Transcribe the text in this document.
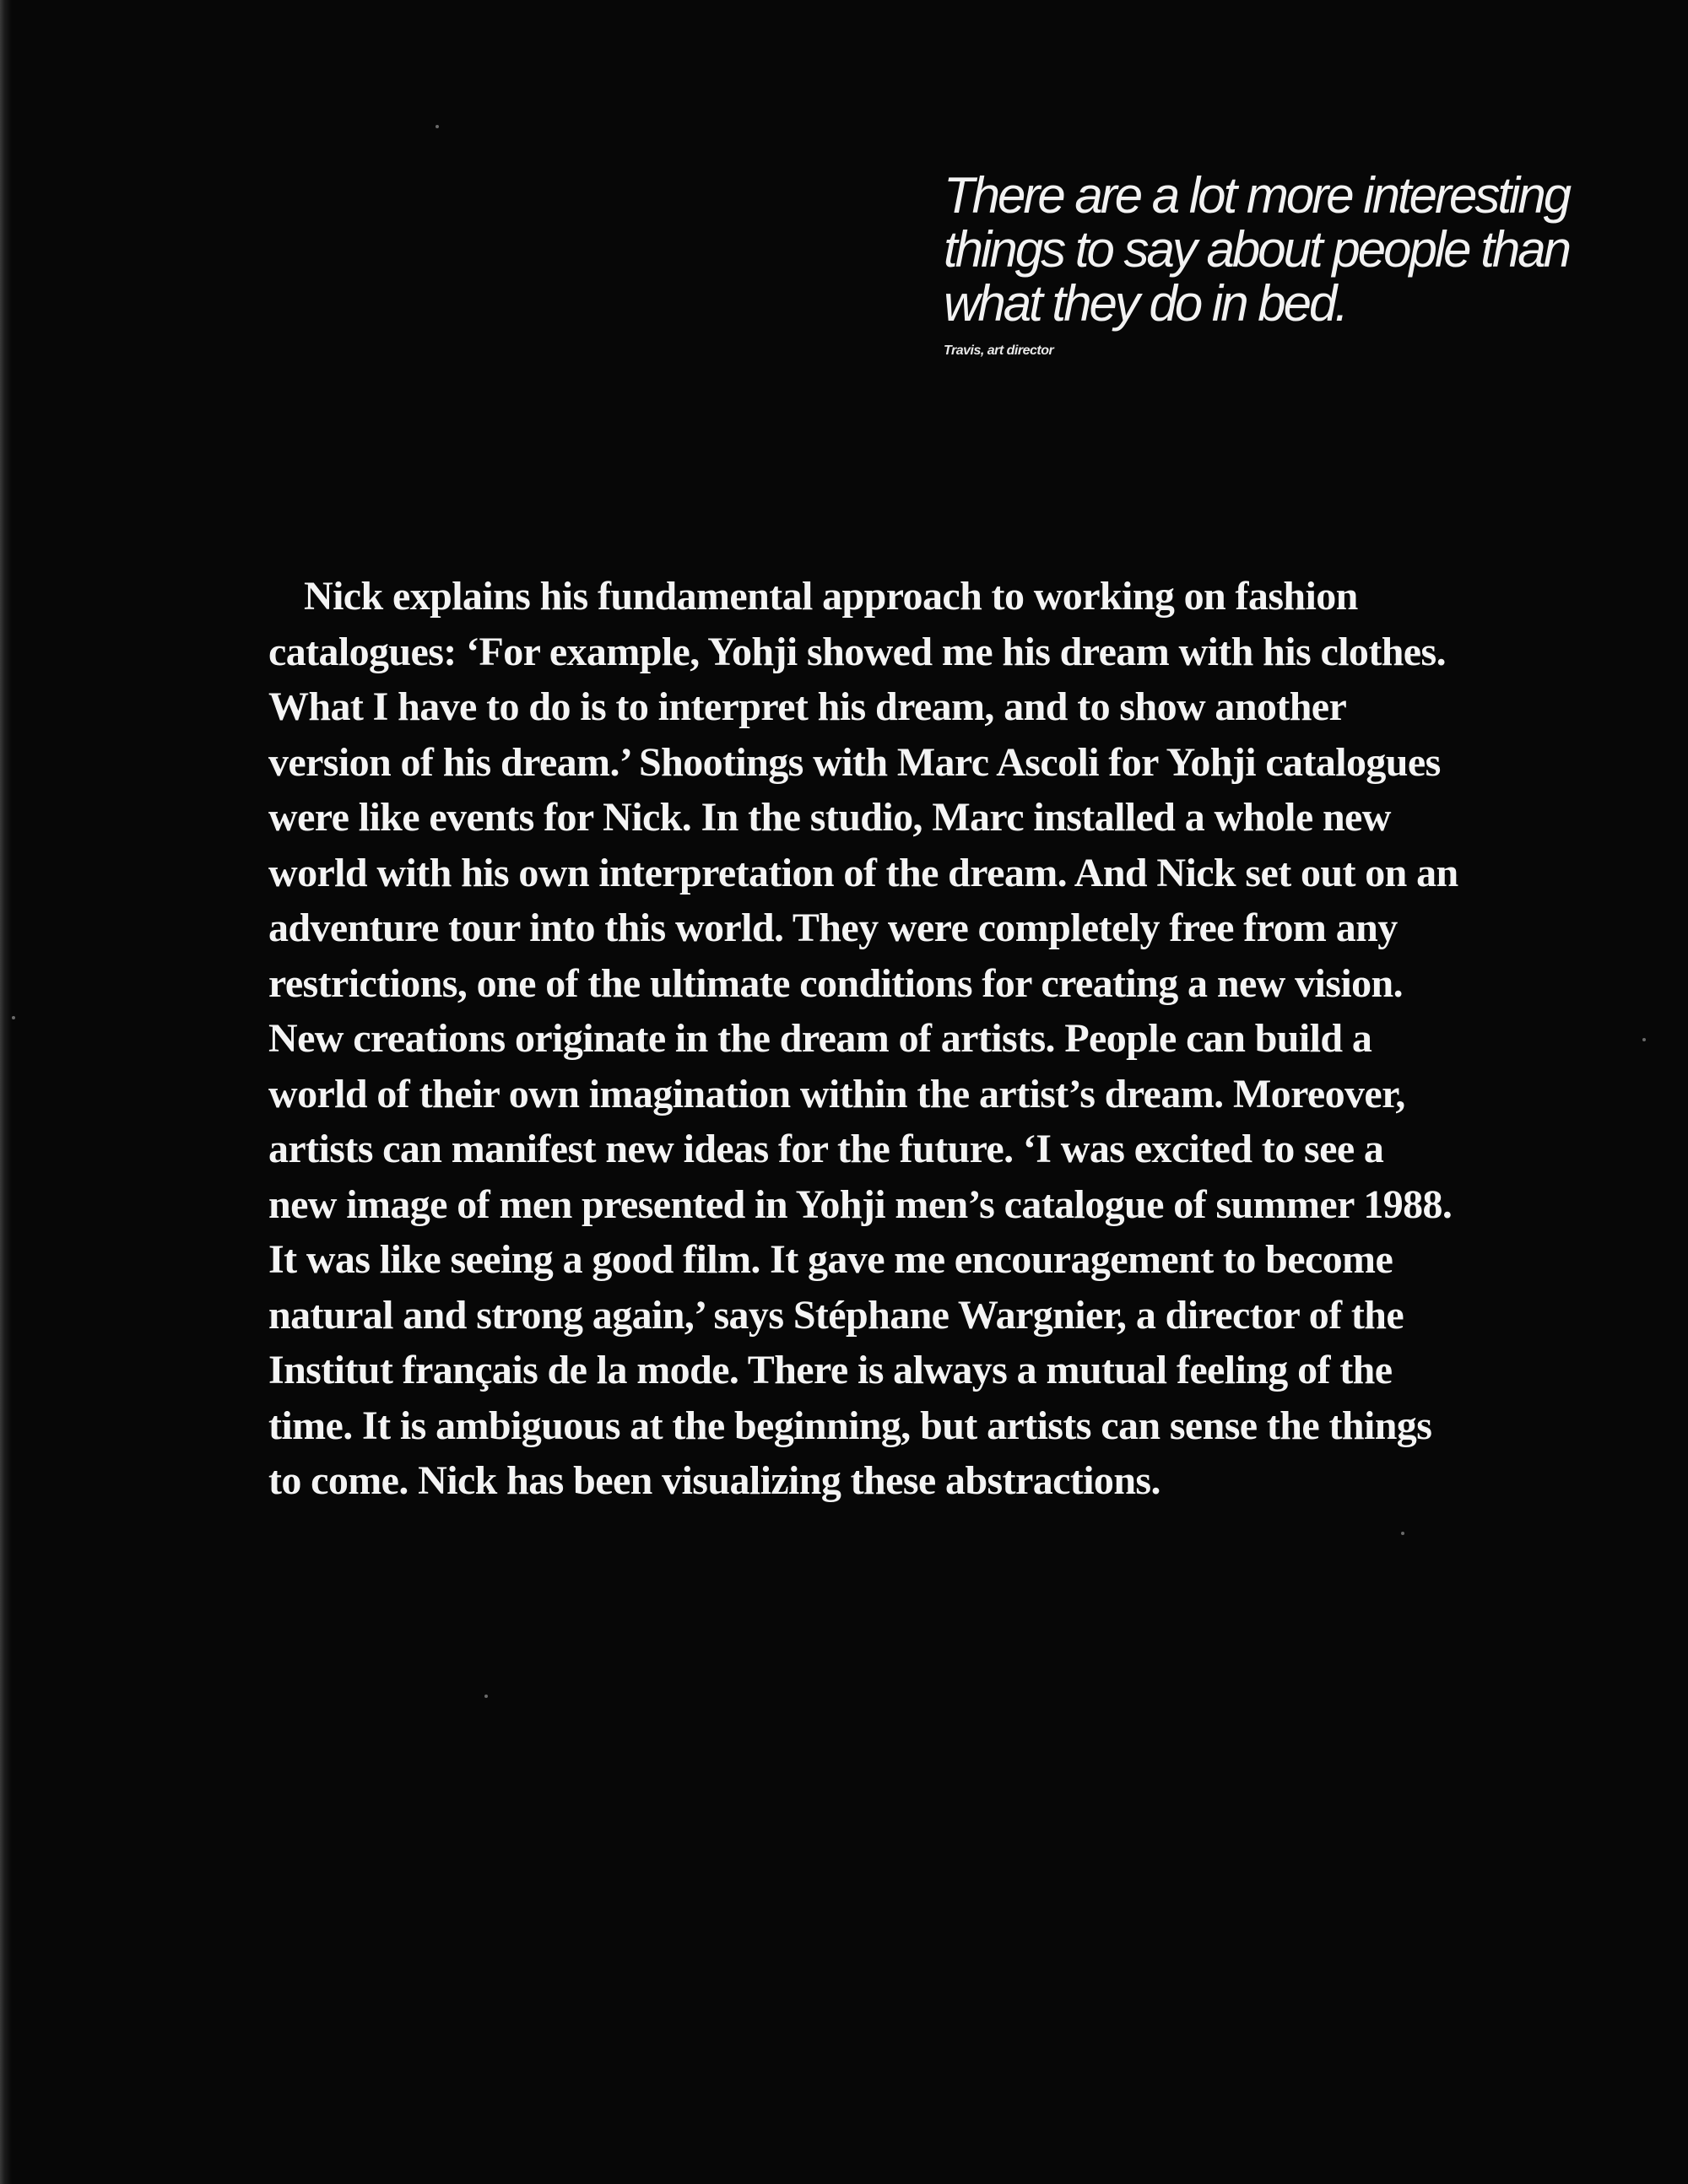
There are a lot more interesting
things to say about people than
what they do in bed.
Travis, art director
Nick explains his fundamental approach to working on fashion
catalogues: ‘For example, Yohji showed me his dream with his clothes.
What I have to do is to interpret his dream, and to show another
version of his dream.’ Shootings with Marc Ascoli for Yohji catalogues
were like events for Nick. In the studio, Marc installed a whole new
world with his own interpretation of the dream. And Nick set out on an
adventure tour into this world. They were completely free from any
restrictions, one of the ultimate conditions for creating a new vision.
New creations originate in the dream of artists. People can build a
world of their own imagination within the artist’s dream. Moreover,
artists can manifest new ideas for the future. ‘I was excited to see a
new image of men presented in Yohji men’s catalogue of summer 1988.
It was like seeing a good film. It gave me encouragement to become
natural and strong again,’ says Stéphane Wargnier, a director of the
Institut français de la mode. There is always a mutual feeling of the
time. It is ambiguous at the beginning, but artists can sense the things
to come. Nick has been visualizing these abstractions.
